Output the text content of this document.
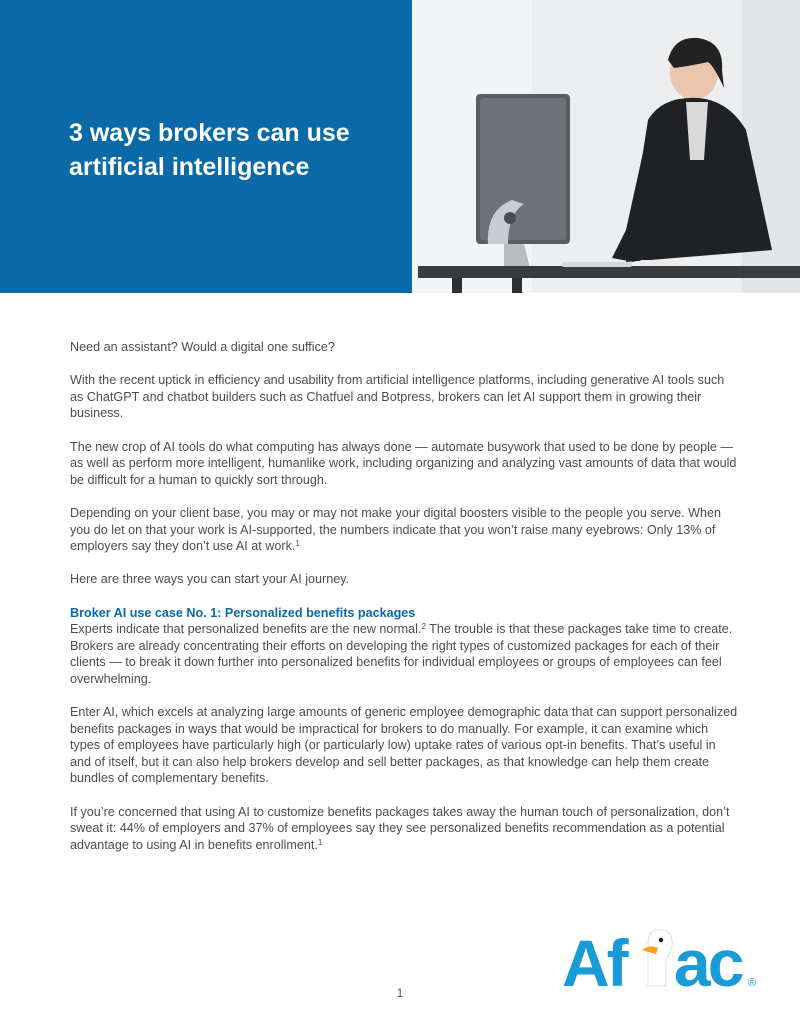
3 ways brokers can use artificial intelligence

Need an assistant? Would a digital one suffice?

With the recent uptick in efficiency and usability from artificial intelligence platforms, including generative AI tools such as ChatGPT and chatbot builders such as Chatfuel and Botpress, brokers can let AI support them in growing their business.

The new crop of AI tools do what computing has always done — automate busywork that used to be done by people — as well as perform more intelligent, humanlike work, including organizing and analyzing vast amounts of data that would be difficult for a human to quickly sort through.

Depending on your client base, you may or may not make your digital boosters visible to the people you serve. When you do let on that your work is AI-supported, the numbers indicate that you won’t raise many eyebrows: Only 13% of employers say they don’t use AI at work.$^1$

Here are three ways you can start your AI journey.

Broker AI use case No. 1: Personalized benefits packages
Experts indicate that personalized benefits are the new normal.$^2$ The trouble is that these packages take time to create. Brokers are already concentrating their efforts on developing the right types of customized packages for each of their clients — to break it down further into personalized benefits for individual employees or groups of employees can feel overwhelming.

Enter AI, which excels at analyzing large amounts of generic employee demographic data that can support personalized benefits packages in ways that would be impractical for brokers to do manually. For example, it can examine which types of employees have particularly high (or particularly low) uptake rates of various opt-in benefits. That’s useful in and of itself, but it can also help brokers develop and sell better packages, as that knowledge can help them create bundles of complementary benefits.

If you’re concerned that using AI to customize benefits packages takes away the human touch of personalization, don’t sweat it: 44% of employers and 37% of employees say they see personalized benefits recommendation as a potential advantage to using AI in benefits enrollment.$^1$

1 Af ac ®
